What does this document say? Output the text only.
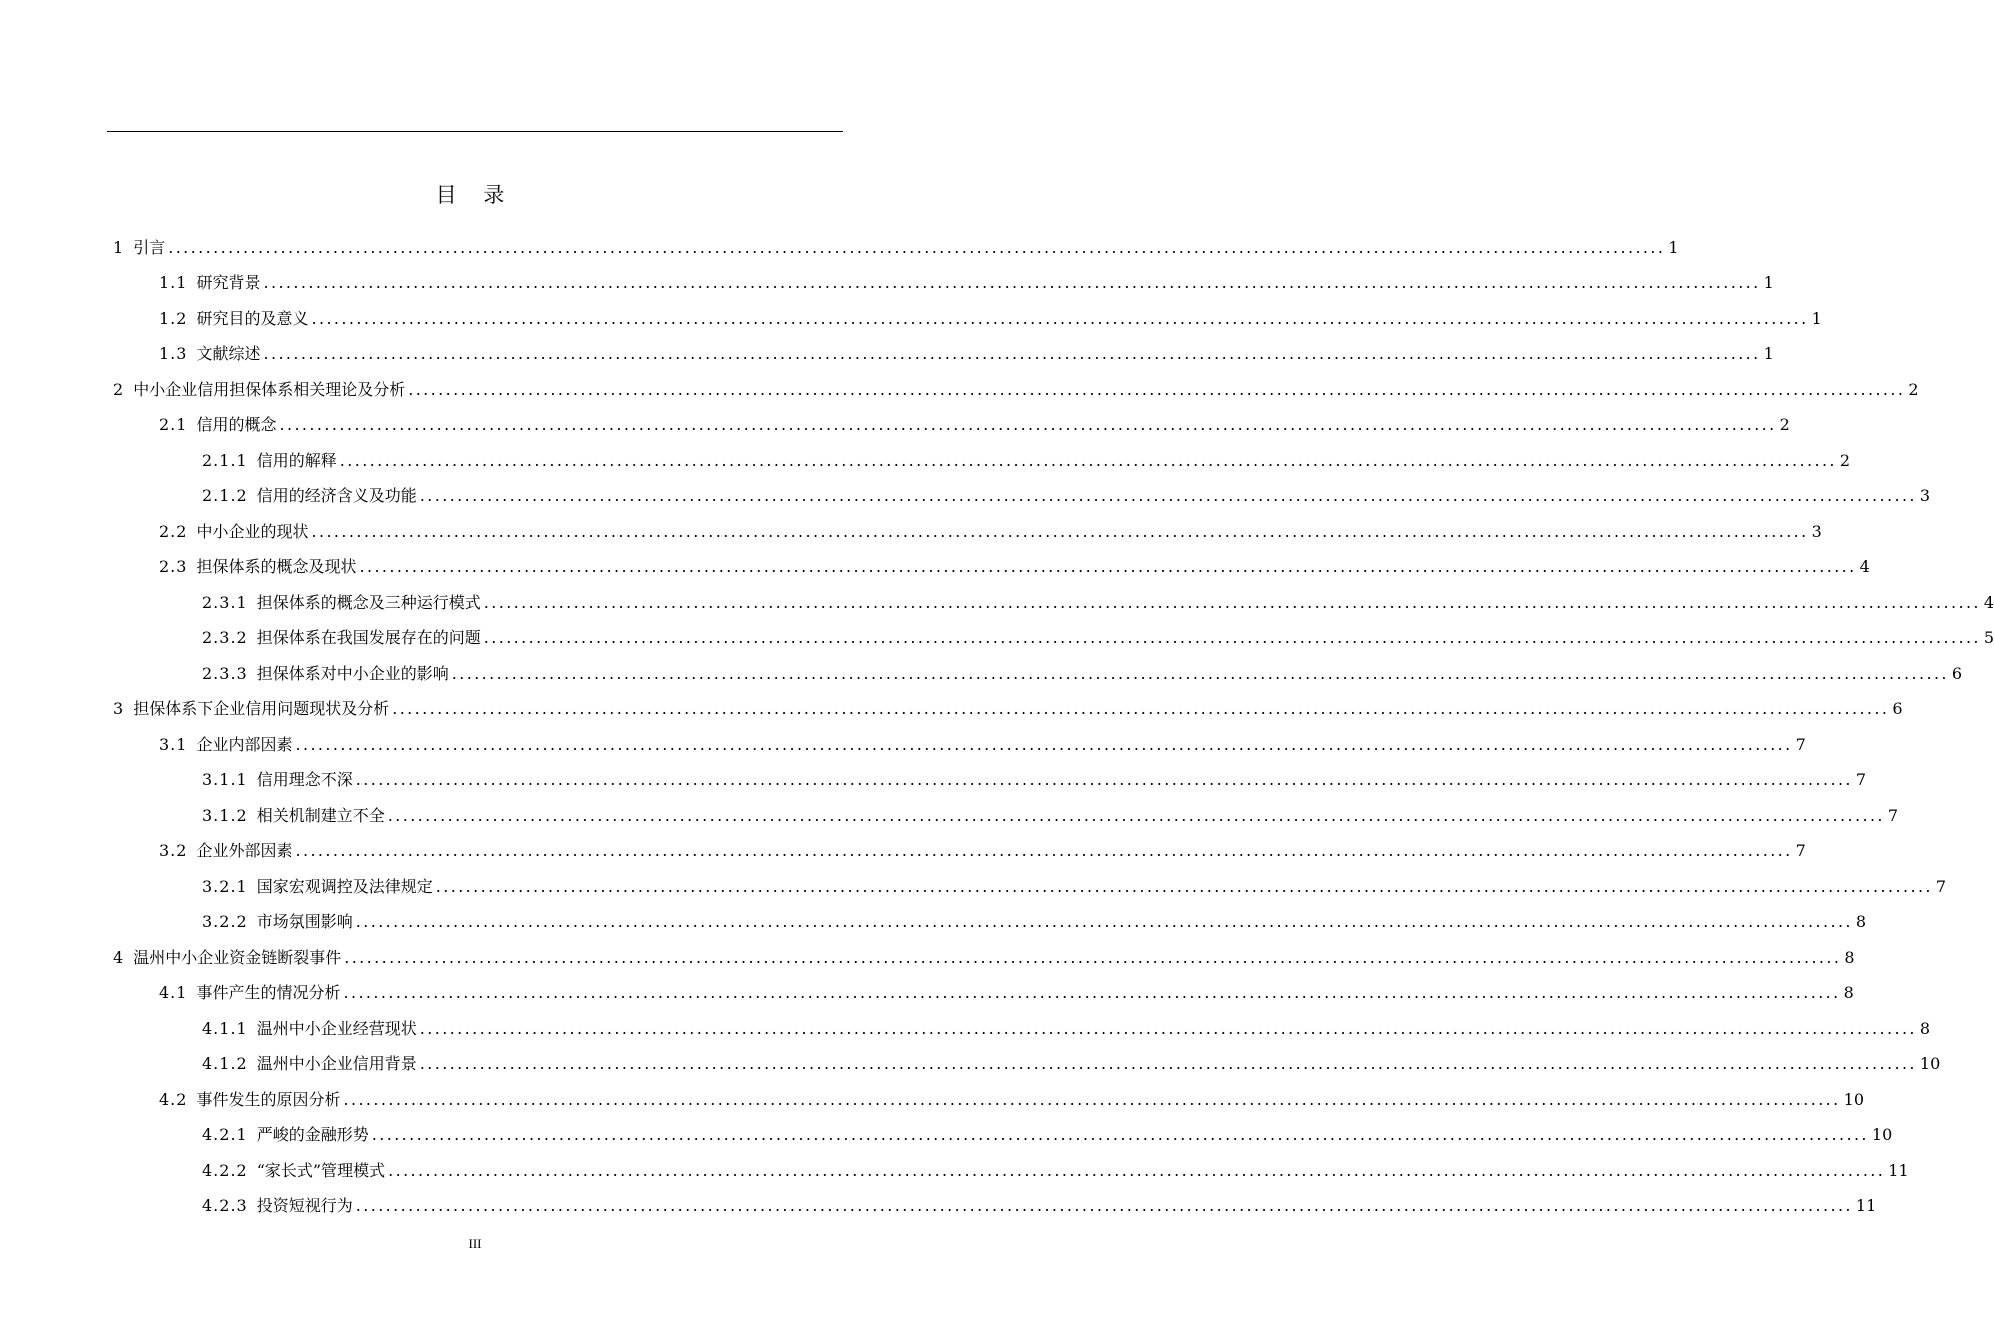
目 录
1 引言 ........................................................................................................................................................................................................ 1
1.1 研究背景 ........................................................................................................................................................................................................ 1
1.2 研究目的及意义 ........................................................................................................................................................................................................ 1
1.3 文献综述 ........................................................................................................................................................................................................ 1
2 中小企业信用担保体系相关理论及分析 ........................................................................................................................................................................................................ 2
2.1 信用的概念 ........................................................................................................................................................................................................ 2
2.1.1 信用的解释 ........................................................................................................................................................................................................ 2
2.1.2 信用的经济含义及功能 ........................................................................................................................................................................................................ 3
2.2 中小企业的现状 ........................................................................................................................................................................................................ 3
2.3 担保体系的概念及现状 ........................................................................................................................................................................................................ 4
2.3.1 担保体系的概念及三种运行模式 ........................................................................................................................................................................................................ 4
2.3.2 担保体系在我国发展存在的问题 ........................................................................................................................................................................................................ 5
2.3.3 担保体系对中小企业的影响 ........................................................................................................................................................................................................ 6
3 担保体系下企业信用问题现状及分析 ........................................................................................................................................................................................................ 6
3.1 企业内部因素 ........................................................................................................................................................................................................ 7
3.1.1 信用理念不深 ........................................................................................................................................................................................................ 7
3.1.2 相关机制建立不全 ........................................................................................................................................................................................................ 7
3.2 企业外部因素 ........................................................................................................................................................................................................ 7
3.2.1 国家宏观调控及法律规定 ........................................................................................................................................................................................................ 7
3.2.2 市场氛围影响 ........................................................................................................................................................................................................ 8
4 温州中小企业资金链断裂事件 ........................................................................................................................................................................................................ 8
4.1 事件产生的情况分析 ........................................................................................................................................................................................................ 8
4.1.1 温州中小企业经营现状 ........................................................................................................................................................................................................ 8
4.1.2 温州中小企业信用背景 ........................................................................................................................................................................................................ 10
4.2 事件发生的原因分析 ........................................................................................................................................................................................................ 10
4.2.1 严峻的金融形势 ........................................................................................................................................................................................................ 10
4.2.2 “家长式”管理模式 ........................................................................................................................................................................................................ 11
4.2.3 投资短视行为 ........................................................................................................................................................................................................ 11
III
